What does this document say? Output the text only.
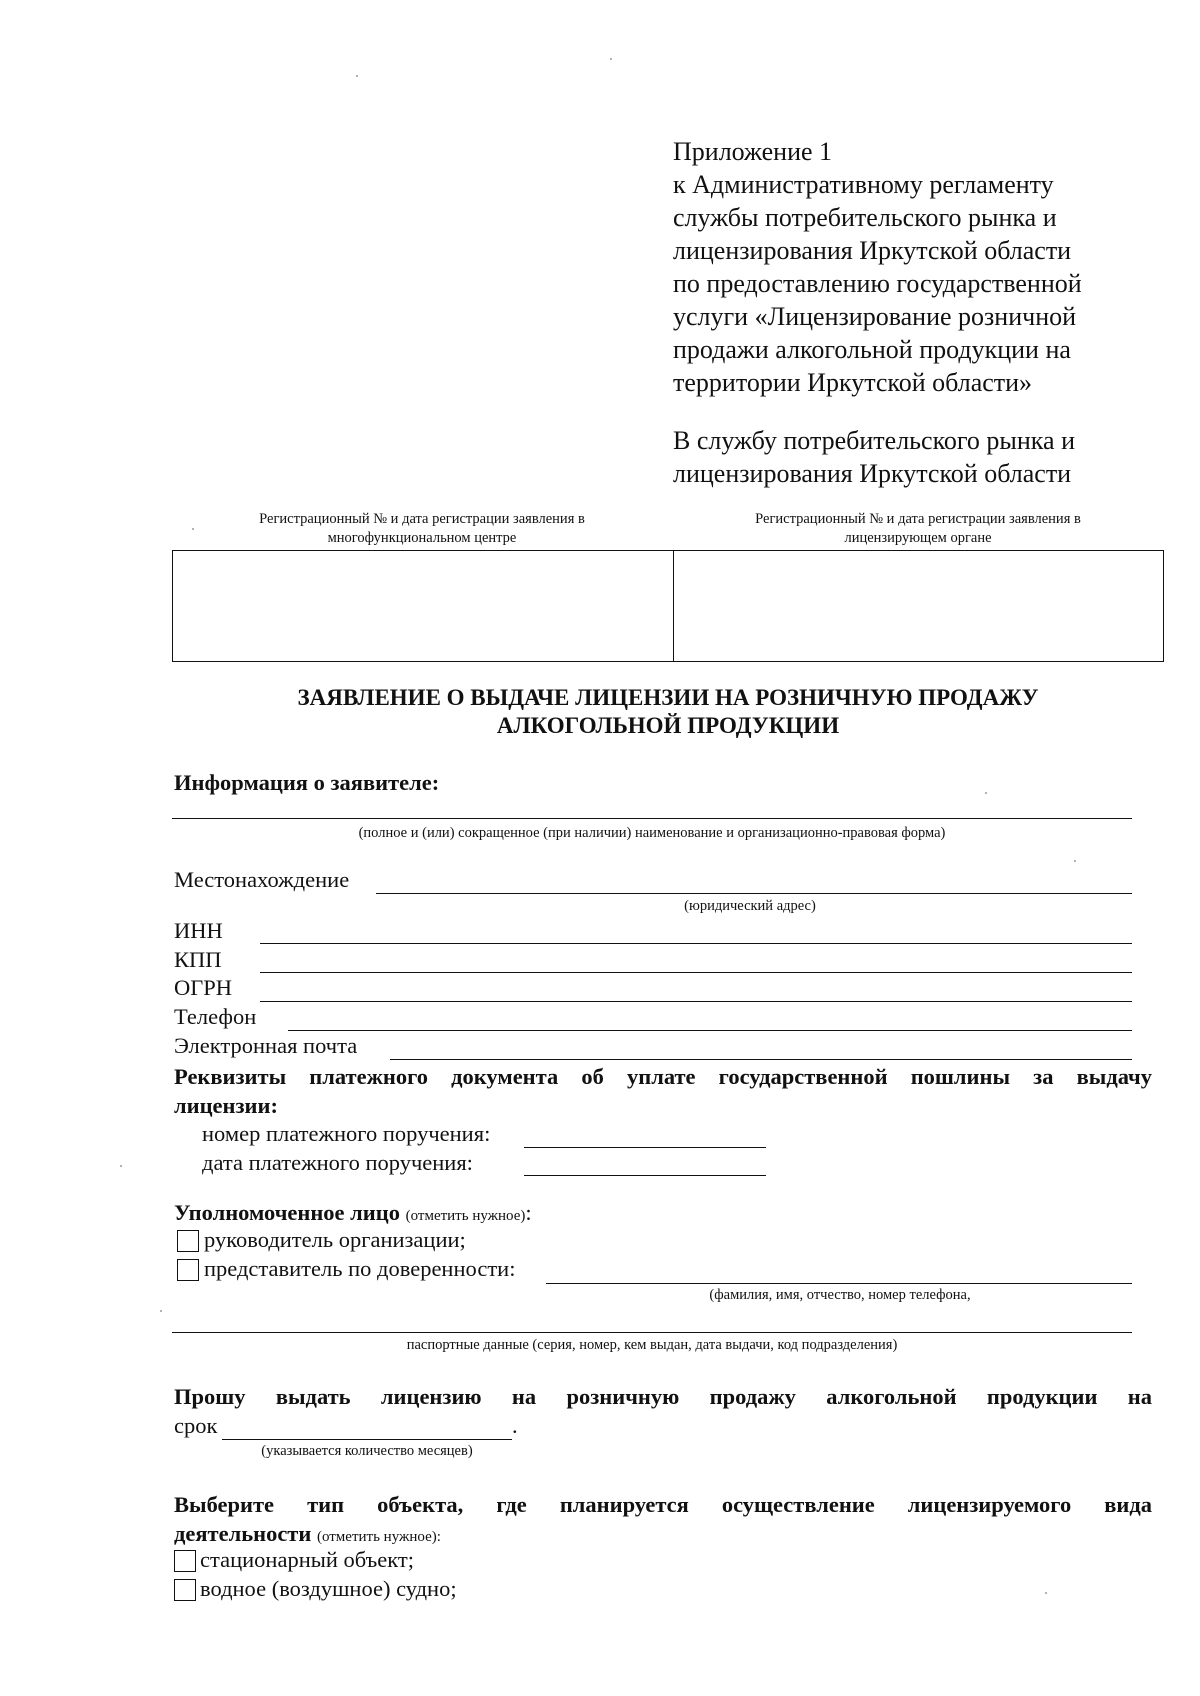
Приложение 1
к Административному регламенту
службы потребительского рынка и
лицензирования Иркутской области
по предоставлению государственной
услуги «Лицензирование розничной
продажи алкогольной продукции на
территории Иркутской области»
В службу потребительского рынка и
лицензирования Иркутской области
Регистрационный № и дата регистрации заявления в
многофункциональном центре
Регистрационный № и дата регистрации заявления в
лицензирующем органе
ЗАЯВЛЕНИЕ О ВЫДАЧЕ ЛИЦЕНЗИИ НА РОЗНИЧНУЮ ПРОДАЖУ
АЛКОГОЛЬНОЙ ПРОДУКЦИИ
Информация о заявителе:
(полное и (или) сокращенное (при наличии) наименование и организационно-правовая форма)
Местонахождение
(юридический адрес)
ИНН
КПП
ОГРН
Телефон
Электронная почта
Реквизиты платежного документа об уплате государственной пошлины за выдачу
лицензии:
номер платежного поручения:
дата платежного поручения:
Уполномоченное лицо (отметить нужное):
руководитель организации;
представитель по доверенности:
(фамилия, имя, отчество, номер телефона,
паспортные данные (серия, номер, кем выдан, дата выдачи, код подразделения)
Прошу выдать лицензию на розничную продажу алкогольной продукции на
срок	.
(указывается количество месяцев)
Выберите тип объекта, где планируется осуществление лицензируемого вида
деятельности (отметить нужное):
стационарный объект;
водное (воздушное) судно;
